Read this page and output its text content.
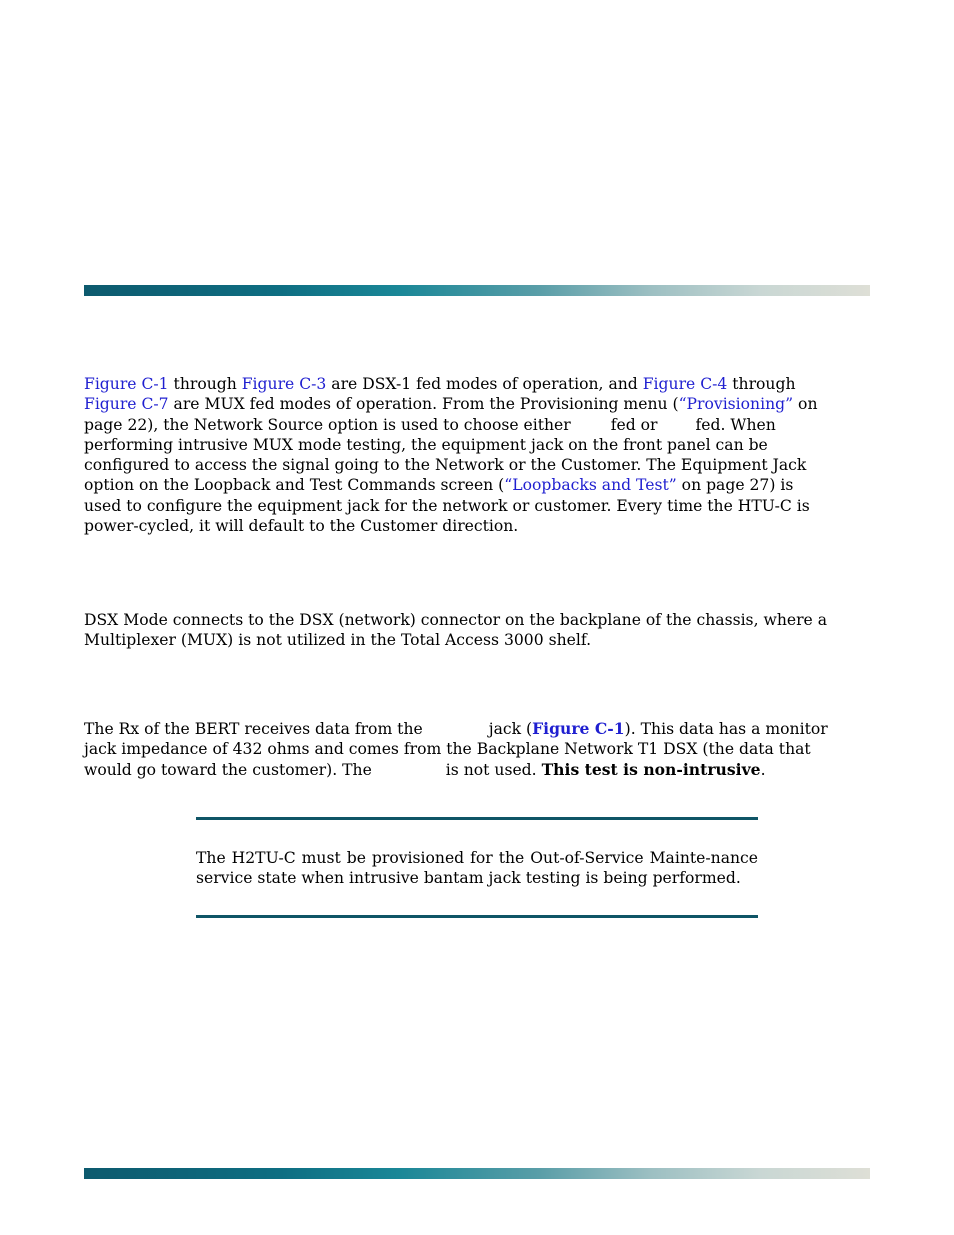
Figure C-1 through Figure C-3 are DSX-1 fed modes of operation, and Figure C-4 through
Figure C-7 are MUX fed modes of operation. From the Provisioning menu (“Provisioning” on
page 22), the Network Source option is used to choose either	fed or fed. When
performing intrusive MUX mode testing, the equipment jack on the front panel can be
configured to access the signal going to the Network or the Customer. The Equipment Jack
option on the Loopback and Test Commands screen (“Loopbacks and Test” on page 27) is
used to configure the equipment jack for the network or customer. Every time the HTU-C is
power-cycled, it will default to the Customer direction.

DSX Mode connects to the DSX (network) connector on the backplane of the chassis, where a
Multiplexer (MUX) is not utilized in the Total Access 3000 shelf.

The Rx of the BERT receives data from the	jack (Figure C-1). This data has a monitor
jack impedance of 432 ohms and comes from the Backplane Network T1 DSX (the data that
would go toward the customer). The	is not used. This test is non-intrusive.

The H2TU-C must be provisioned for the Out-of-Service Mainte-nance service state when intrusive bantam jack testing is being performed.
